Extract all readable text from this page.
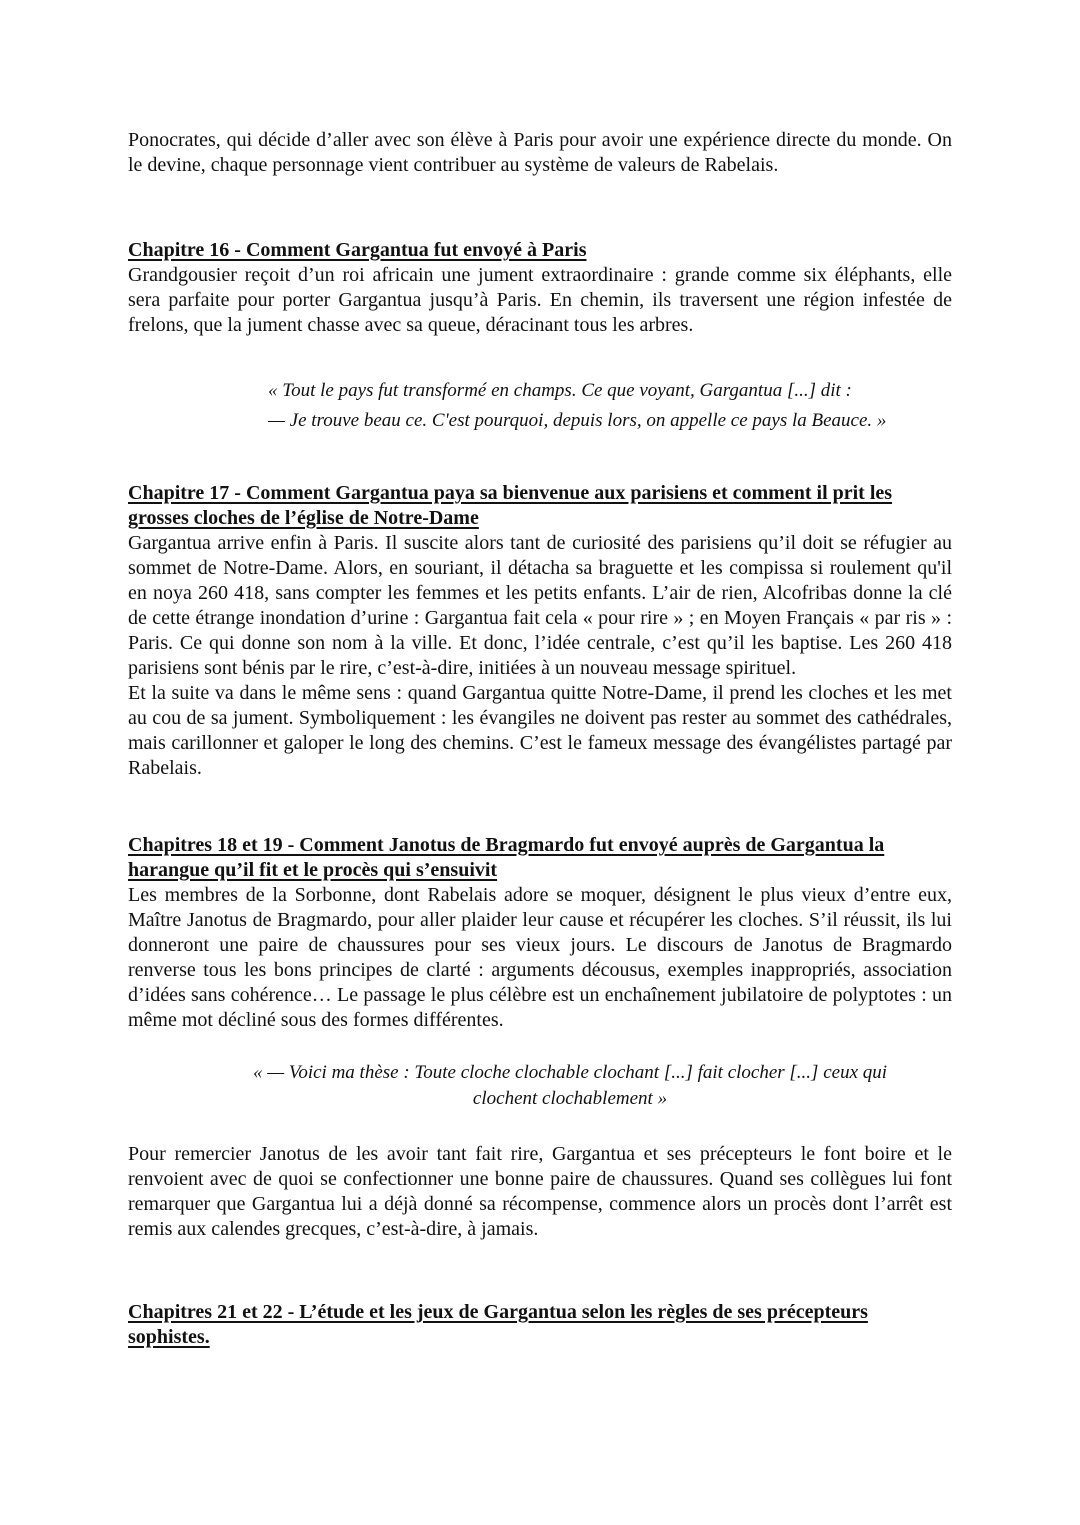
Ponocrates, qui décide d’aller avec son élève à Paris pour avoir une expérience directe du monde. On le devine, chaque personnage vient contribuer au système de valeurs de Rabelais.

Chapitre 16 - Comment Gargantua fut envoyé à Paris

Grandgousier reçoit d’un roi africain une jument extraordinaire : grande comme six éléphants, elle sera parfaite pour porter Gargantua jusqu’à Paris. En chemin, ils traversent une région infestée de frelons, que la jument chasse avec sa queue, déracinant tous les arbres.

« Tout le pays fut transformé en champs. Ce que voyant, Gargantua [...] dit :
— Je trouve beau ce. C'est pourquoi, depuis lors, on appelle ce pays la Beauce. »
Chapitre 17 - Comment Gargantua paya sa bienvenue aux parisiens et comment il prit les grosses cloches de l’église de Notre-Dame

Gargantua arrive enfin à Paris. Il suscite alors tant de curiosité des parisiens qu’il doit se réfugier au sommet de Notre-Dame. Alors, en souriant, il détacha sa braguette et les compissa si roulement qu'il en noya 260 418, sans compter les femmes et les petits enfants. L’air de rien, Alcofribas donne la clé de cette étrange inondation d’urine : Gargantua fait cela « pour rire » ; en Moyen Français « par ris » : Paris. Ce qui donne son nom à la ville. Et donc, l’idée centrale, c’est qu’il les baptise. Les 260 418 parisiens sont bénis par le rire, c’est-à-dire, initiées à un nouveau message spirituel.

Et la suite va dans le même sens : quand Gargantua quitte Notre-Dame, il prend les cloches et les met au cou de sa jument. Symboliquement : les évangiles ne doivent pas rester au sommet des cathédrales, mais carillonner et galoper le long des chemins. C’est le fameux message des évangélistes partagé par Rabelais.

Chapitres 18 et 19 - Comment Janotus de Bragmardo fut envoyé auprès de Gargantua la harangue qu’il fit et le procès qui s’ensuivit

Les membres de la Sorbonne, dont Rabelais adore se moquer, désignent le plus vieux d’entre eux, Maître Janotus de Bragmardo, pour aller plaider leur cause et récupérer les cloches. S’il réussit, ils lui donneront une paire de chaussures pour ses vieux jours. Le discours de Janotus de Bragmardo renverse tous les bons principes de clarté : arguments décousus, exemples inappropriés, association d’idées sans cohérence… Le passage le plus célèbre est un enchaînement jubilatoire de polyptotes : un même mot décliné sous des formes différentes.

« — Voici ma thèse : Toute cloche clochable clochant [...] fait clocher [...] ceux qui
clochent clochablement »

Pour remercier Janotus de les avoir tant fait rire, Gargantua et ses précepteurs le font boire et le renvoient avec de quoi se confectionner une bonne paire de chaussures. Quand ses collègues lui font remarquer que Gargantua lui a déjà donné sa récompense, commence alors un procès dont l’arrêt est remis aux calendes grecques, c’est-à-dire, à jamais.

Chapitres 21 et 22 - L’étude et les jeux de Gargantua selon les règles de ses précepteurs sophistes.
